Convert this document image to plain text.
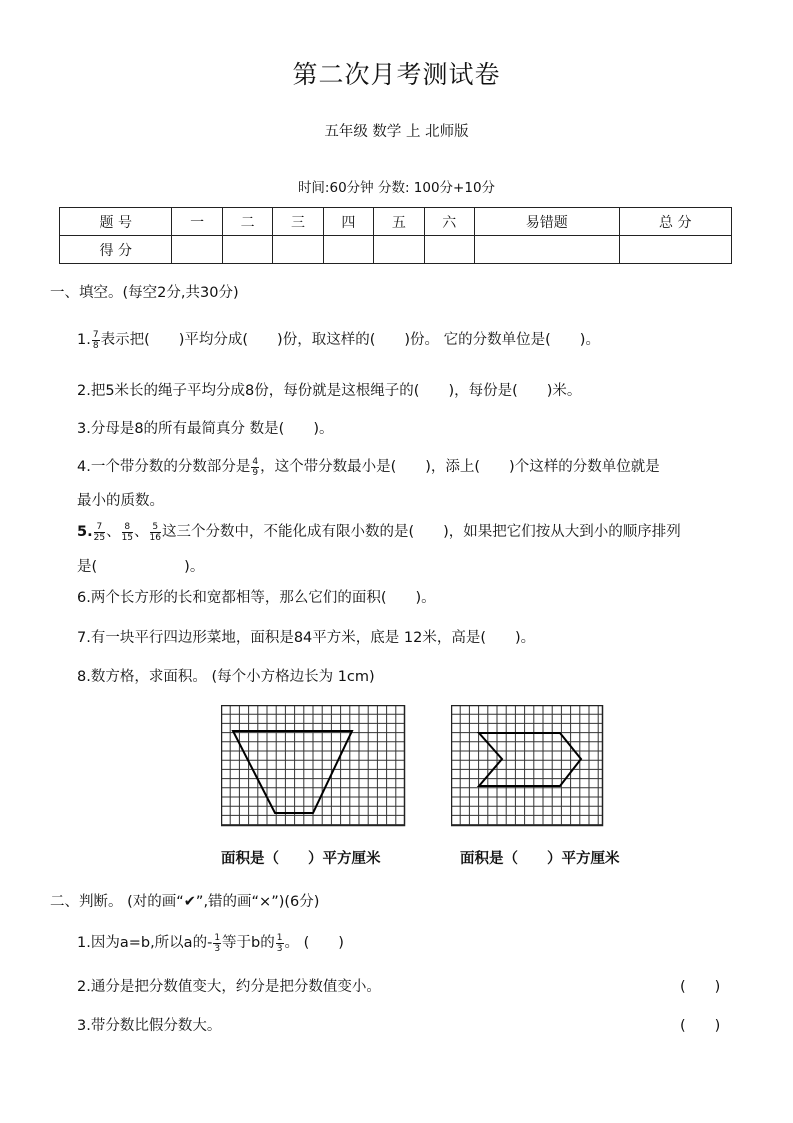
第二次月考测试卷
五年级 数学 上 北师版
时间:60分钟 分数: 100分+10分
题 号	一	二	三	四	五	六	易错题	总 分
得 分								
一、填空。(每空2分,共30分)
1. $\frac{7}{8}$ 表示把(　　)平均分成(　　)份，取这样的(　　)份。 它的分数单位是(　　)。
2.把5米长的绳子平均分成8份，每份就是这根绳子的(　　)，每份是(　　)米。
3.分母是8的所有最简真分 数是(　　)。
4.一个带分数的分数部分是 $\frac{4}{9}$ ，这个带分数最小是(　　)，添上(　　)个这样的分数单位就是
最小的质数。
5. $\frac{7}{25}$ 、 $\frac{8}{15}$ 、 $\frac{5}{16}$ 这三个分数中，不能化成有限小数的是(　　)，如果把它们按从大到小的顺序排列
是(　　　　　　)。
6.两个长方形的长和宽都相等，那么它们的面积(　　)。
7.有一块平行四边形菜地，面积是84平方米，底是 12米，高是(　　)。
8.数方格，求面积。 (每个小方格边长为 1cm)
面积是（　　）平方厘米	面积是（　　）平方厘米
二、判断。 (对的画“✔”,错的画“×”)(6分)
1.因为a=b,所以a的- $\frac{1}{3}$ 等于b的 $\frac{1}{3}$ 。 (　　)
2.通分是把分数值变大，约分是把分数值变小。	(　　)
3.带分数比假分数大。	(　　)
